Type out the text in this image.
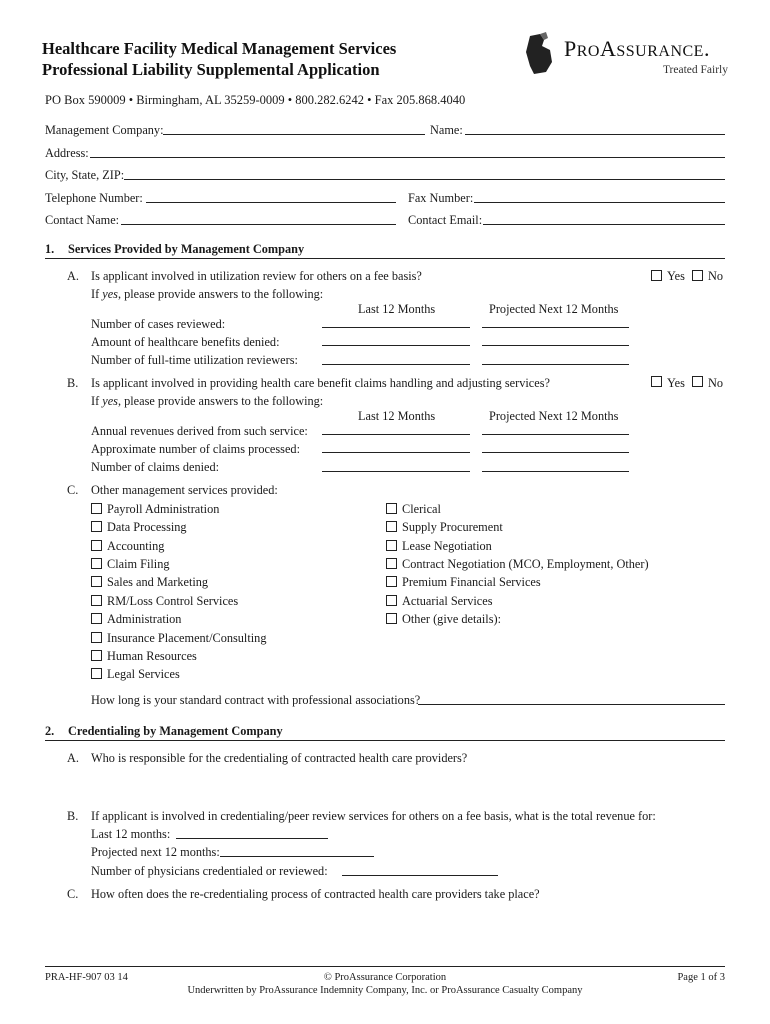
Healthcare Facility Medical Management Services
Professional Liability Supplemental Application
PROASSURANCE.
Treated Fairly
PO Box 590009 • Birmingham, AL 35259-0009 • 800.282.6242 • Fax 205.868.4040
Management Company:	Name:
Address:
City, State, ZIP:
Telephone Number:	Fax Number:
Contact Name:	Contact Email:
1. Services Provided by Management Company
A. Is applicant involved in utilization review for others on a fee basis?	Yes No
If yes, please provide answers to the following:
Last 12 Months	Projected Next 12 Months
Number of cases reviewed:
Amount of healthcare benefits denied:
Number of full-time utilization reviewers:
B. Is applicant involved in providing health care benefit claims handling and adjusting services?	Yes No
If yes, please provide answers to the following:
Last 12 Months	Projected Next 12 Months
Annual revenues derived from such service:
Approximate number of claims processed:
Number of claims denied:
C. Other management services provided:
Payroll Administration
Data Processing
Accounting
Claim Filing
Sales and Marketing
RM/Loss Control Services
Administration
Insurance Placement/Consulting
Human Resources
Legal Services
Clerical
Supply Procurement
Lease Negotiation
Contract Negotiation (MCO, Employment, Other)
Premium Financial Services
Actuarial Services
Other (give details):
How long is your standard contract with professional associations?
2. Credentialing by Management Company
A. Who is responsible for the credentialing of contracted health care providers?
B. If applicant is involved in credentialing/peer review services for others on a fee basis, what is the total revenue for:
Last 12 months:
Projected next 12 months:
Number of physicians credentialed or reviewed:
C. How often does the re-credentialing process of contracted health care providers take place?
PRA-HF-907 03 14	© ProAssurance Corporation
Underwritten by ProAssurance Indemnity Company, Inc. or ProAssurance Casualty Company
Page 1 of 3
